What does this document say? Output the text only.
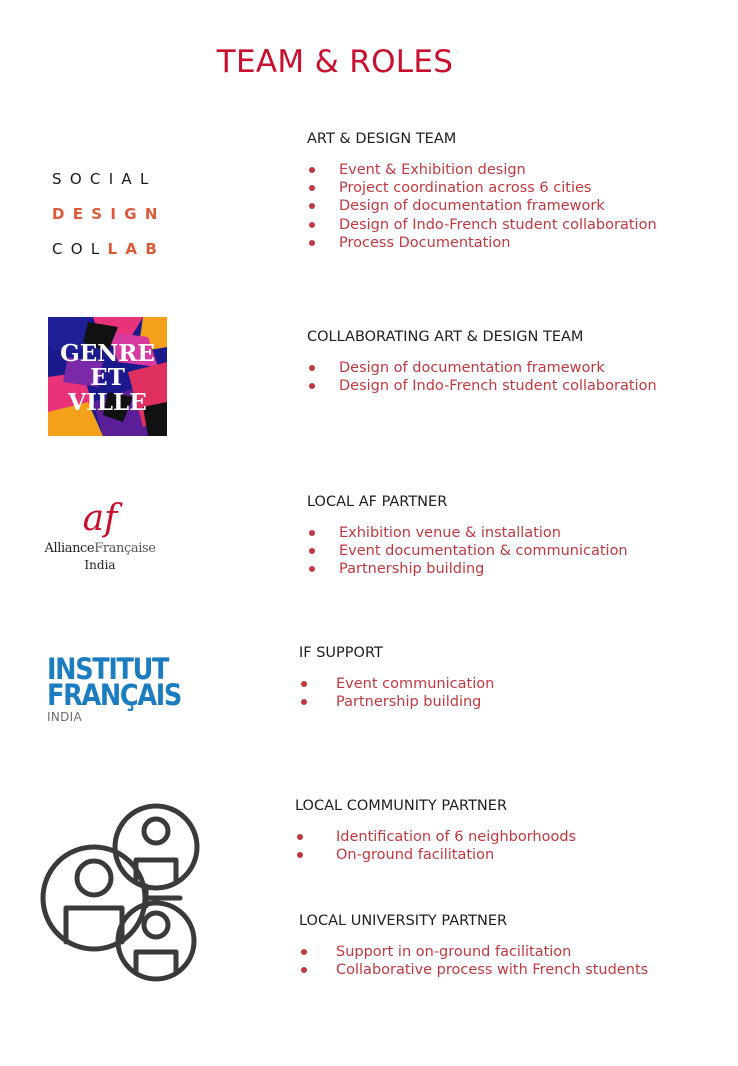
TEAM & ROLES
SOCIAL
DESIGN
COLLAB
GENRE
ET
VILLE
af
AllianceFrançaise
India
INSTITUT
FRANÇAIS
INDIA
ART & DESIGN TEAM
Event & Exhibition design
Project coordination across 6 cities
Design of documentation framework
Design of Indo-French student collaboration
Process Documentation
COLLABORATING ART & DESIGN TEAM
Design of documentation framework
Design of Indo-French student collaboration
LOCAL AF PARTNER
Exhibition venue & installation
Event documentation & communication
Partnership building
IF SUPPORT
Event communication
Partnership building
LOCAL COMMUNITY PARTNER
Identification of 6 neighborhoods
On-ground facilitation
LOCAL UNIVERSITY PARTNER
Support in on-ground facilitation
Collaborative process with French students
